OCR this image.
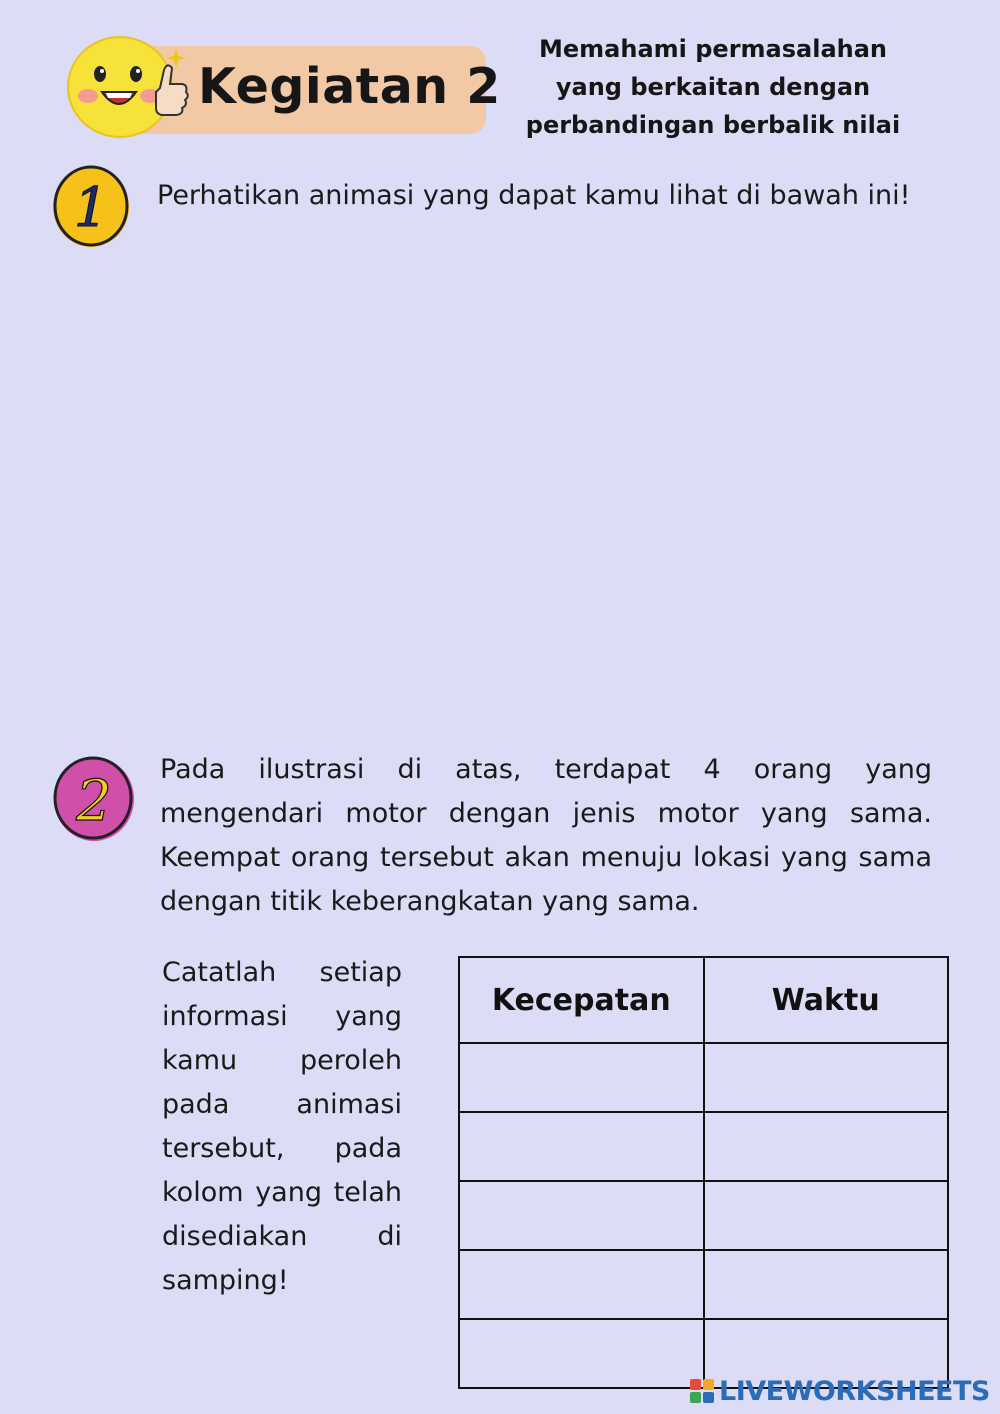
Kegiatan 2
Memahami permasalahan
yang berkaitan dengan
perbandingan berbalik nilai
1 Perhatikan animasi yang dapat kamu lihat di bawah ini!
2 Pada ilustrasi di atas, terdapat 4 orang yang mengendari motor dengan jenis motor yang sama. Keempat orang tersebut akan menuju lokasi yang sama dengan titik keberangkatan yang sama.
Catatlah setiap informasi yang kamu peroleh pada animasi tersebut, pada kolom yang telah disediakan di samping!
Kecepatan	Waktu

LIVEWORKSHEETS
